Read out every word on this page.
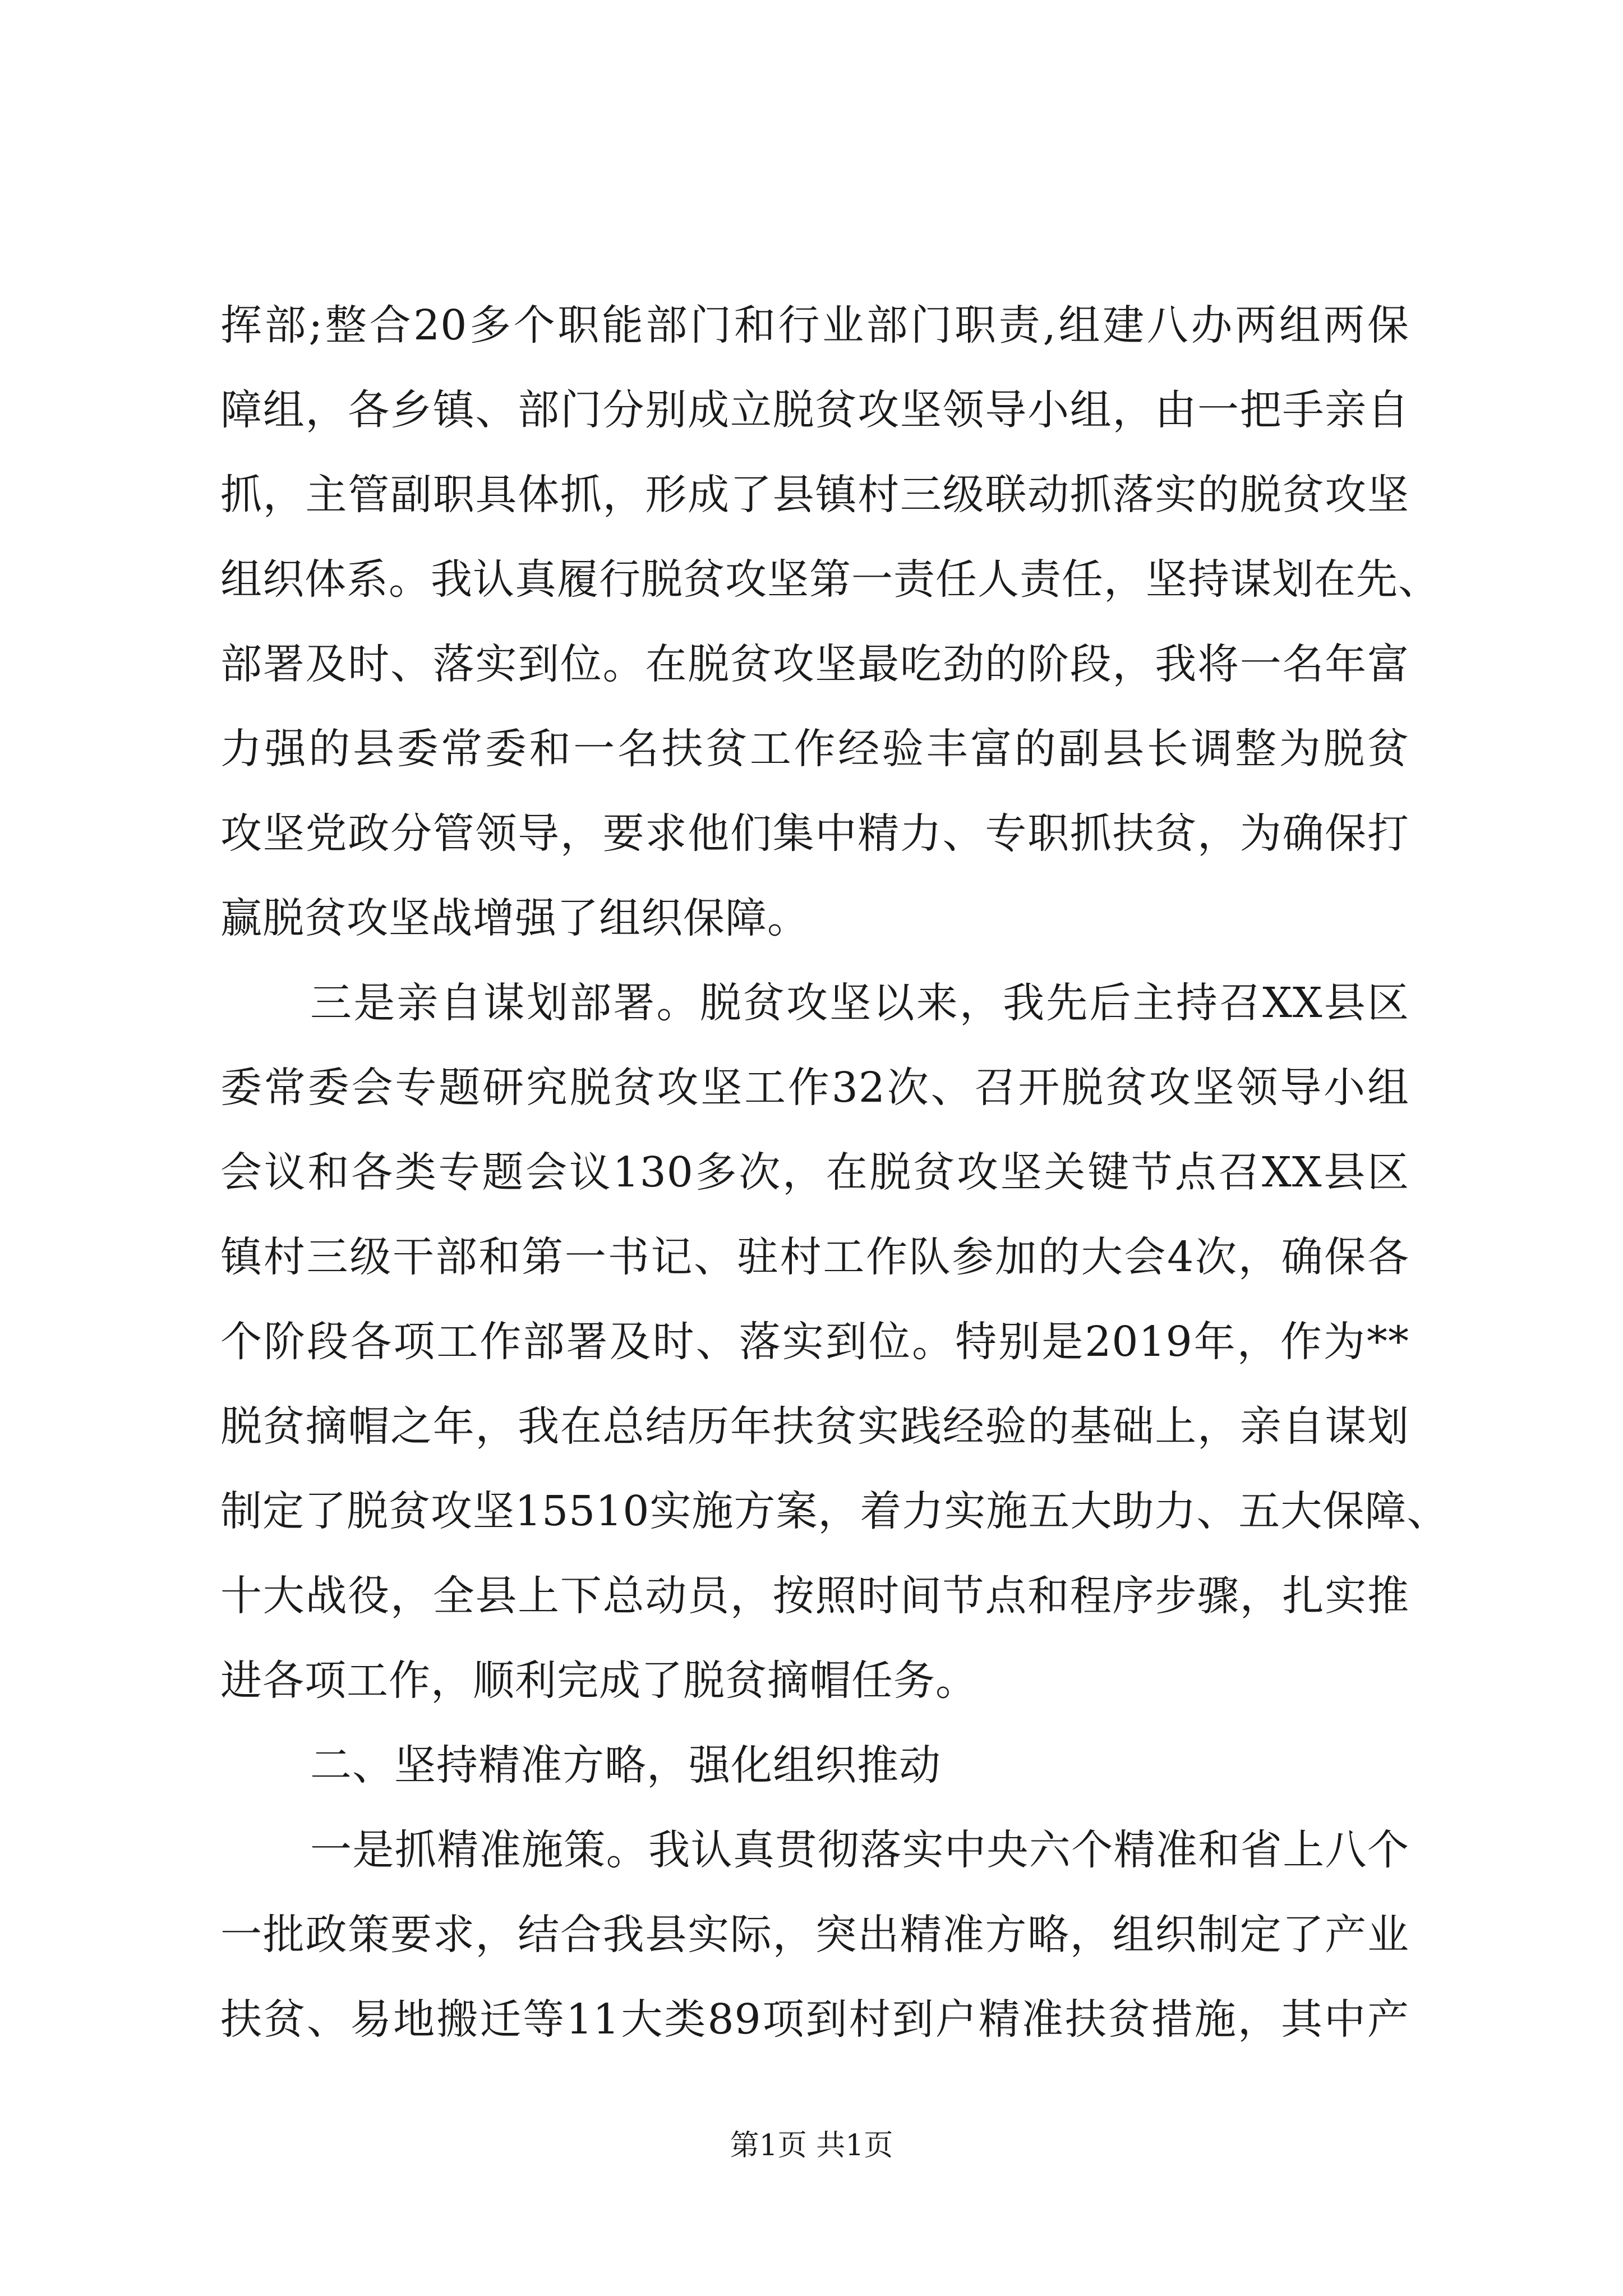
挥部;整合20多个职能部门和行业部门职责,组建八办两组两保
障组，各乡镇、部门分别成立脱贫攻坚领导小组，由一把手亲自
抓，主管副职具体抓，形成了县镇村三级联动抓落实的脱贫攻坚
组织体系。我认真履行脱贫攻坚第一责任人责任，坚持谋划在先、
部署及时、落实到位。在脱贫攻坚最吃劲的阶段，我将一名年富
力强的县委常委和一名扶贫工作经验丰富的副县长调整为脱贫
攻坚党政分管领导，要求他们集中精力、专职抓扶贫，为确保打
赢脱贫攻坚战增强了组织保障。
三是亲自谋划部署。脱贫攻坚以来，我先后主持召XX县区
委常委会专题研究脱贫攻坚工作32次、召开脱贫攻坚领导小组
会议和各类专题会议130多次，在脱贫攻坚关键节点召XX县区
镇村三级干部和第一书记、驻村工作队参加的大会4次，确保各
个阶段各项工作部署及时、落实到位。特别是2019年，作为**
脱贫摘帽之年，我在总结历年扶贫实践经验的基础上，亲自谋划
制定了脱贫攻坚15510实施方案，着力实施五大助力、五大保障、
十大战役，全县上下总动员，按照时间节点和程序步骤，扎实推
进各项工作，顺利完成了脱贫摘帽任务。
二、坚持精准方略，强化组织推动
一是抓精准施策。我认真贯彻落实中央六个精准和省上八个
一批政策要求，结合我县实际，突出精准方略，组织制定了产业
扶贫、易地搬迁等11大类89项到村到户精准扶贫措施，其中产
第1页 共1页
